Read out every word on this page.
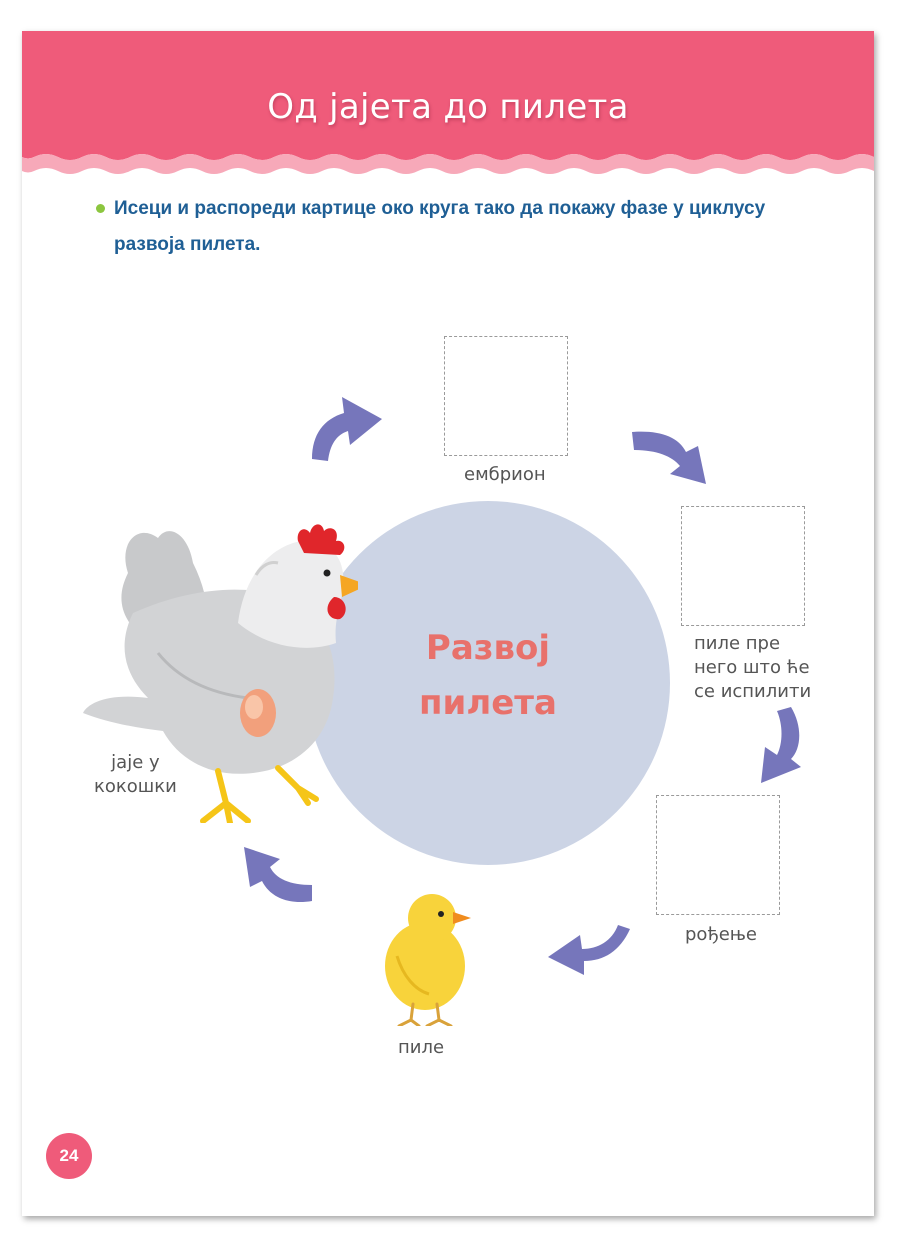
Од јајета до пилета
Исеци и распореди картице око круга тако да покажу фазе у циклусу развоја пилета.
Развој
пилета
ембрион
пиле пре
него што ће
се испилити
рођење
пиле
јаје у
кокошки
24
